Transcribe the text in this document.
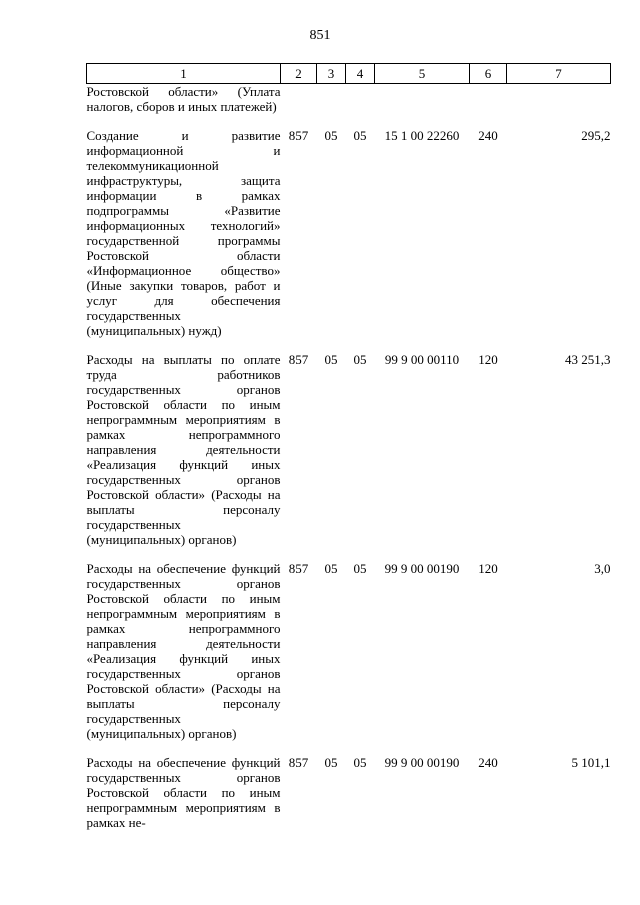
851
1	2	3	4	5	6	7
Ростовской области» (Уплата налогов, сборов и иных платежей)						
Создание и развитие информационной и телекоммуникационной инфраструктуры, защита информации в рамках подпрограммы «Развитие информационных технологий» государственной программы Ростовской области «Информационное общество» (Иные закупки товаров, работ и услуг для обеспечения государственных (муниципальных) нужд)	857	05	05	15 1 00 22260	240	295,2
Расходы на выплаты по оплате труда работников государственных органов Ростовской области по иным непрограммным мероприятиям в рамках непрограммного направления деятельности «Реализация функций иных государственных органов Ростовской области» (Расходы на выплаты персоналу государственных (муниципальных) органов)	857	05	05	99 9 00 00110	120	43 251,3
Расходы на обеспечение функций государственных органов Ростовской области по иным непрограммным мероприятиям в рамках непрограммного направления деятельности «Реализация функций иных государственных органов Ростовской области» (Расходы на выплаты персоналу государственных (муниципальных) органов)	857	05	05	99 9 00 00190	120	3,0
Расходы на обеспечение функций государственных органов Ростовской области по иным непрограммным мероприятиям в рамках не-	857	05	05	99 9 00 00190	240	5 101,1
